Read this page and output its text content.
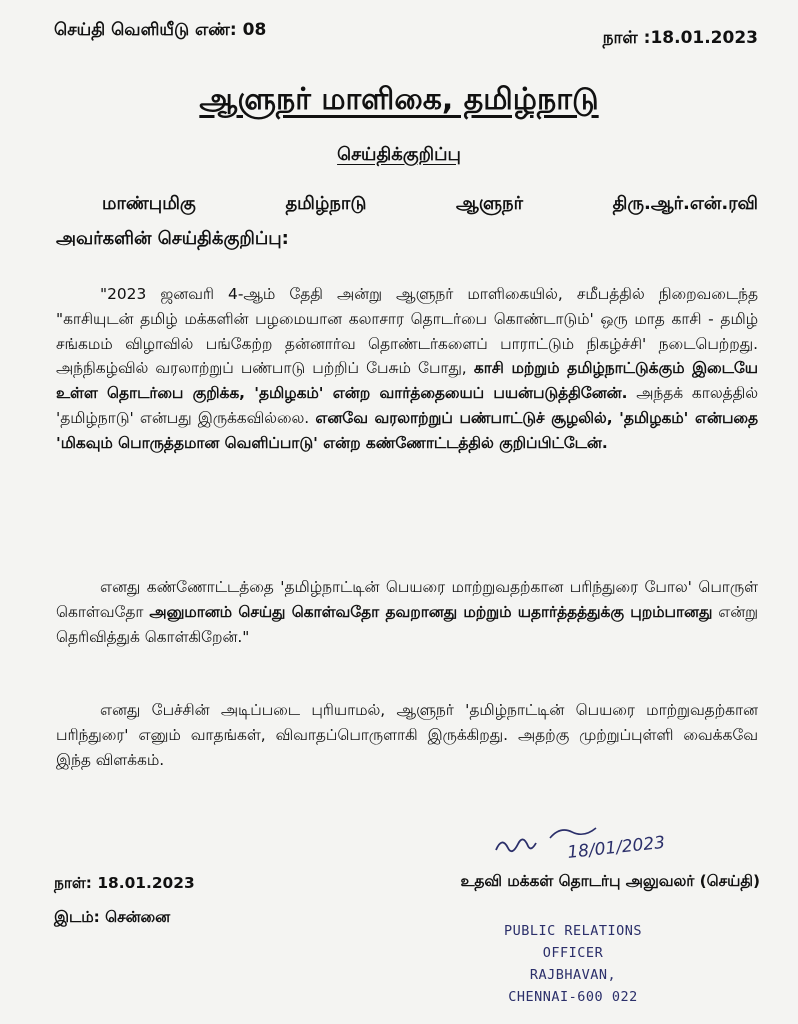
செய்தி வெளியீடு எண்: 08	நாள் :18.01.2023
ஆளுநர் மாளிகை, தமிழ்நாடு
செய்திக்குறிப்பு
மாண்புமிகு	தமிழ்நாடு	ஆளுநர்	திரு.ஆர்.என்.ரவி
அவர்களின் செய்திக்குறிப்பு:
"2023 ஜனவரி 4-ஆம் தேதி அன்று ஆளுநர் மாளிகையில், சமீபத்தில் நிறைவடைந்த "காசியுடன் தமிழ் மக்களின் பழமையான கலாசார தொடர்பை கொண்டாடும்' ஒரு மாத காசி - தமிழ் சங்கமம் விழாவில் பங்கேற்ற தன்னார்வ தொண்டர்களைப் பாராட்டும் நிகழ்ச்சி' நடைபெற்றது. அந்நிகழ்வில் வரலாற்றுப் பண்பாடு பற்றிப் பேசும் போது, காசி மற்றும் தமிழ்நாட்டுக்கும் இடையே உள்ள தொடர்பை குறிக்க, 'தமிழகம்' என்ற வார்த்தையைப் பயன்படுத்தினேன். அந்தக் காலத்தில் 'தமிழ்நாடு' என்பது இருக்கவில்லை. எனவே வரலாற்றுப் பண்பாட்டுச் சூழலில், 'தமிழகம்' என்பதை 'மிகவும் பொருத்தமான வெளிப்பாடு' என்ற கண்ணோட்டத்தில் குறிப்பிட்டேன்.
எனது கண்ணோட்டத்தை 'தமிழ்நாட்டின் பெயரை மாற்றுவதற்கான பரிந்துரை போல' பொருள் கொள்வதோ அனுமானம் செய்து கொள்வதோ தவறானது மற்றும் யதார்த்தத்துக்கு புறம்பானது என்று தெரிவித்துக் கொள்கிறேன்."
எனது பேச்சின் அடிப்படை புரியாமல், ஆளுநர் 'தமிழ்நாட்டின் பெயரை மாற்றுவதற்கான பரிந்துரை' எனும் வாதங்கள், விவாதப்பொருளாகி இருக்கிறது. அதற்கு முற்றுப்புள்ளி வைக்கவே இந்த விளக்கம்.
18/01/2023
நாள்: 18.01.2023	உதவி மக்கள் தொடர்பு அலுவலர் (செய்தி)
இடம்: சென்னை
PUBLIC RELATIONS
OFFICER
RAJBHAVAN,
CHENNAI-600 022
